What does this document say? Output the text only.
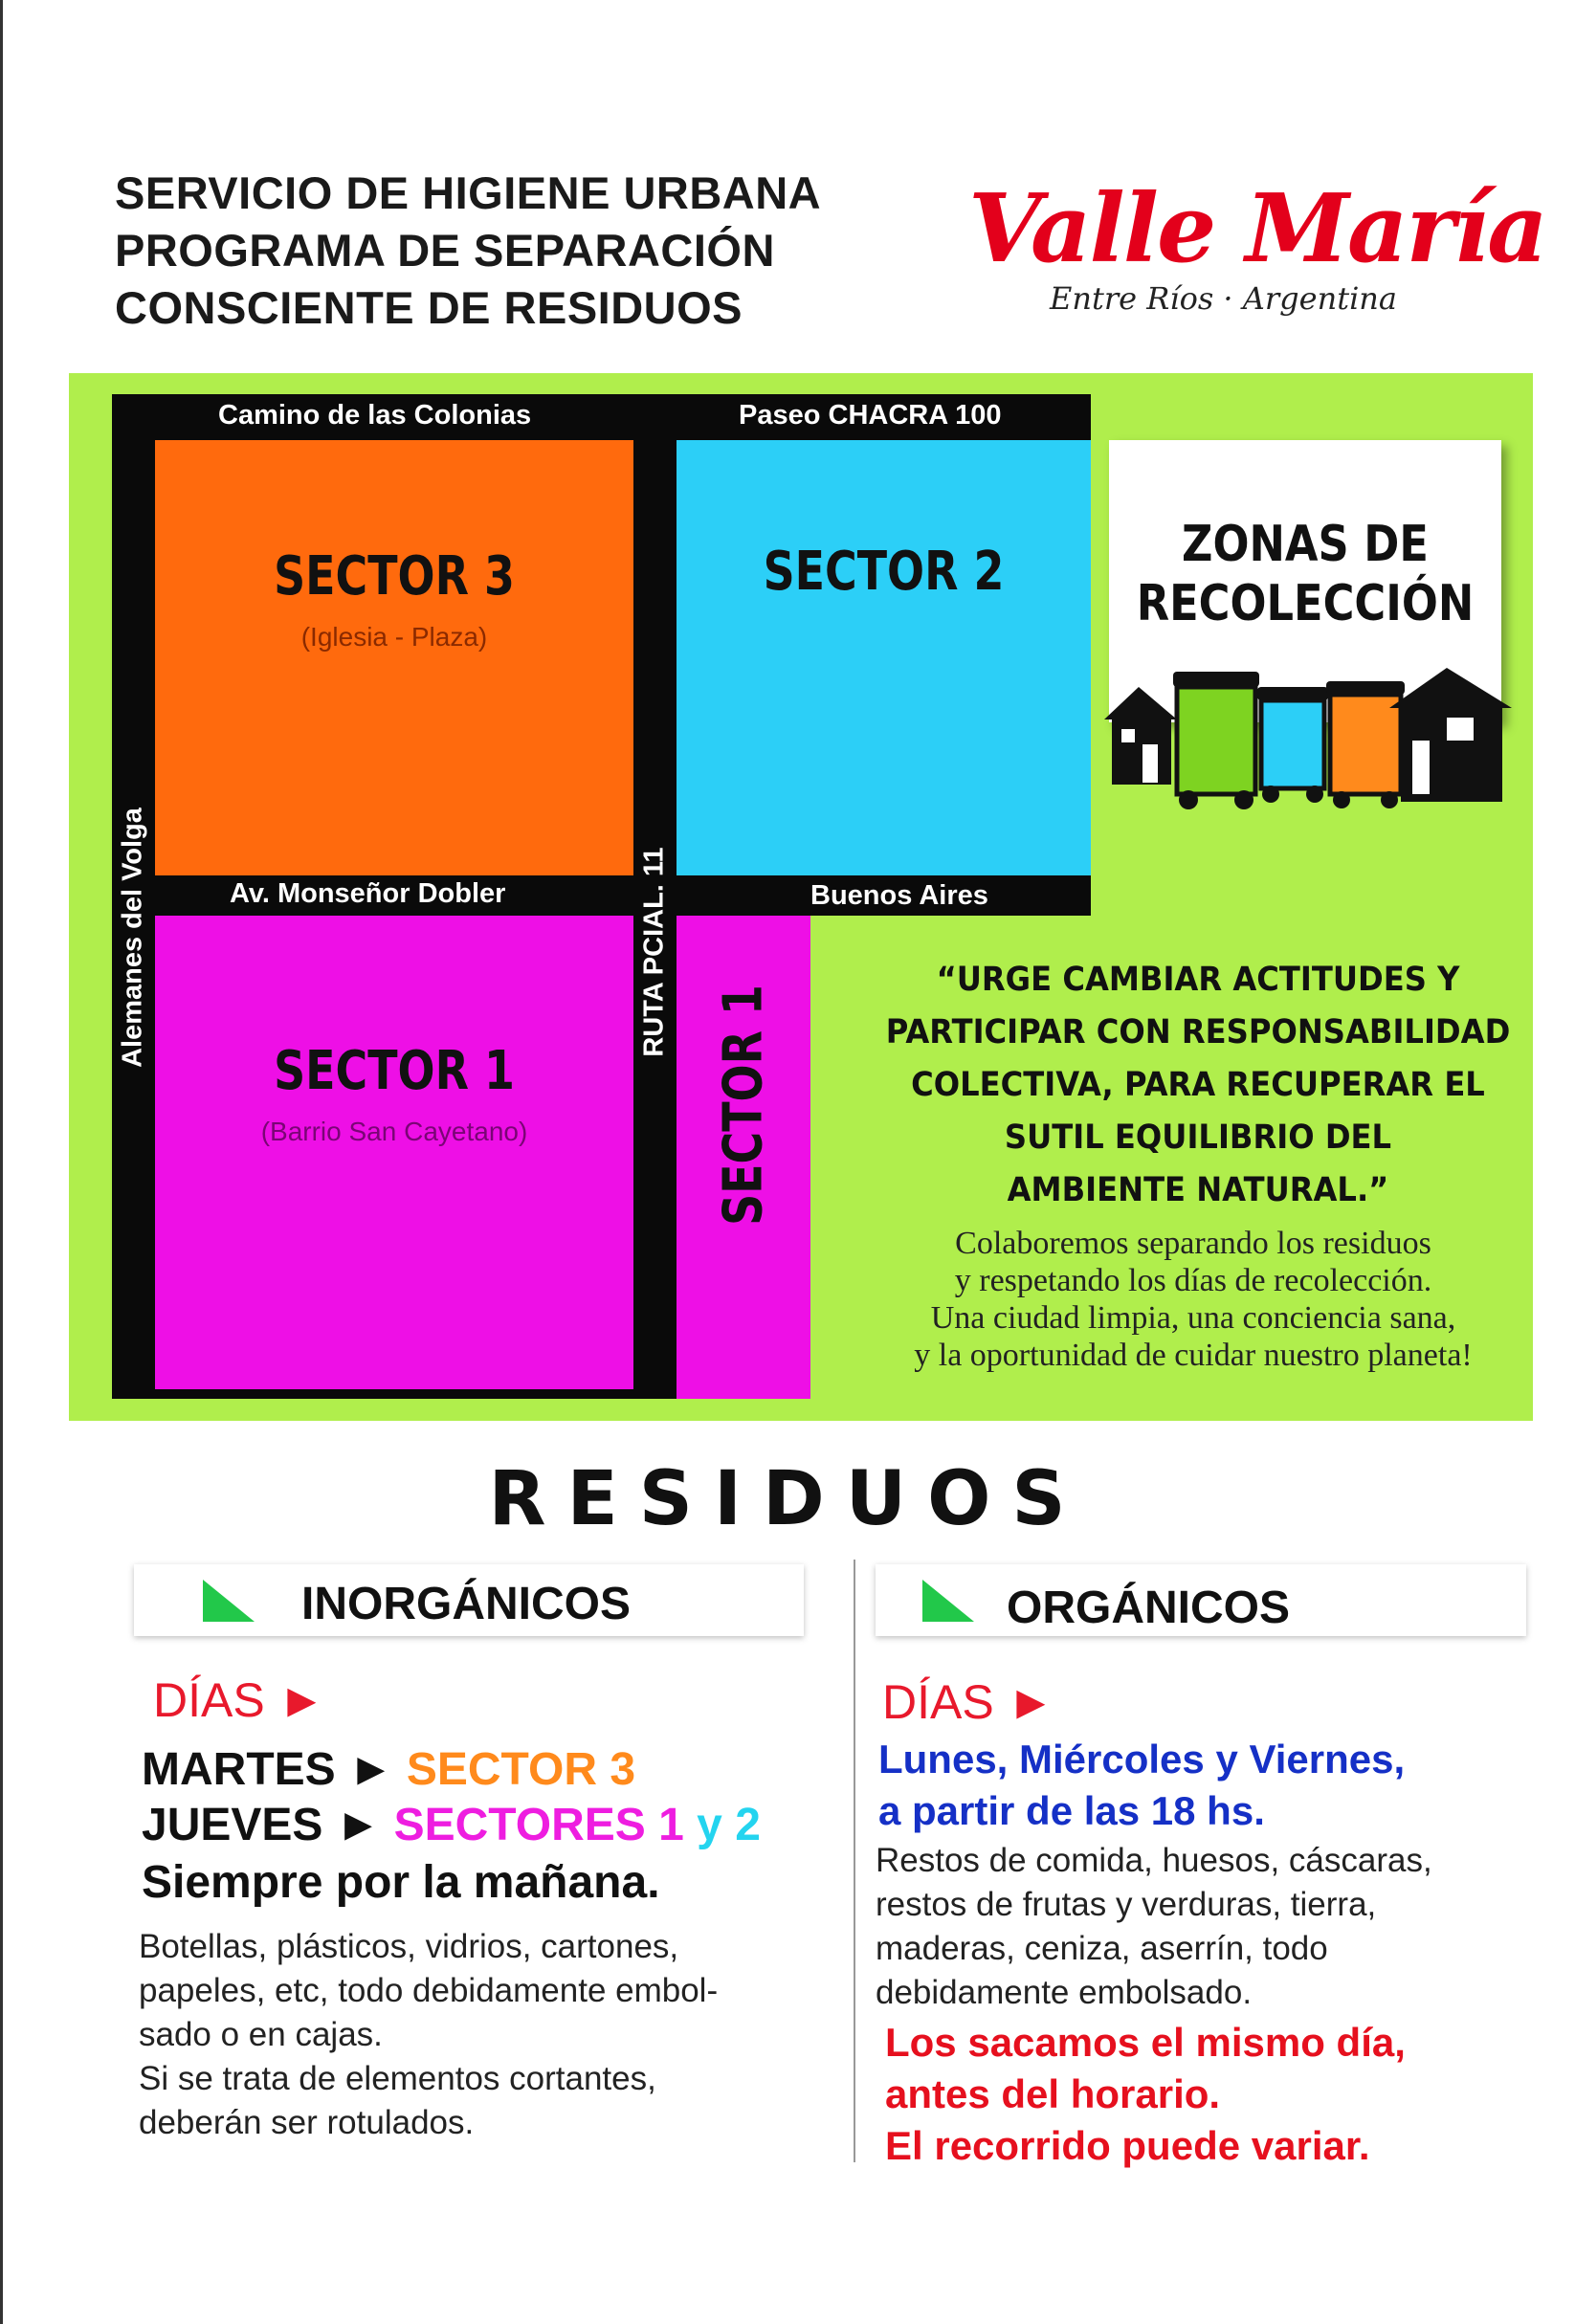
SERVICIO DE HIGIENE URBANA
PROGRAMA DE SEPARACIÓN
CONSCIENTE DE RESIDUOS
Valle María
Entre Ríos · Argentina
SECTOR 3
(Iglesia - Plaza)
SECTOR 2
SECTOR 1
(Barrio San Cayetano)	SECTOR 1
Camino de las Colonias	Paseo CHACRA 100
Av. Monseñor Dobler	Buenos Aires
Alemanes del Volga	RUTA PCIAL. 11
ZONAS DE
RECOLECCIÓN
“URGE CAMBIAR ACTITUDES Y
PARTICIPAR CON RESPONSABILIDAD
COLECTIVA, PARA RECUPERAR EL
SUTIL EQUILIBRIO DEL
AMBIENTE NATURAL.”
Colaboremos separando los residuos
y respetando los días de recolección.
Una ciudad limpia, una conciencia sana,
y la oportunidad de cuidar nuestro planeta!
RESIDUOS
INORGÁNICOS
DÍAS ►
MARTES ► SECTOR 3
JUEVES ► SECTORES 1 y 2
Siempre por la mañana.
Botellas, plásticos, vidrios, cartones,
papeles, etc, todo debidamente embol-
sado o en cajas.
Si se trata de elementos cortantes,
deberán ser rotulados.
ORGÁNICOS
DÍAS ►
Lunes, Miércoles y Viernes,
a partir de las 18 hs.
Restos de comida, huesos, cáscaras,
restos de frutas y verduras, tierra,
maderas, ceniza, aserrín, todo
debidamente embolsado.
Los sacamos el mismo día,
antes del horario.
El recorrido puede variar.
